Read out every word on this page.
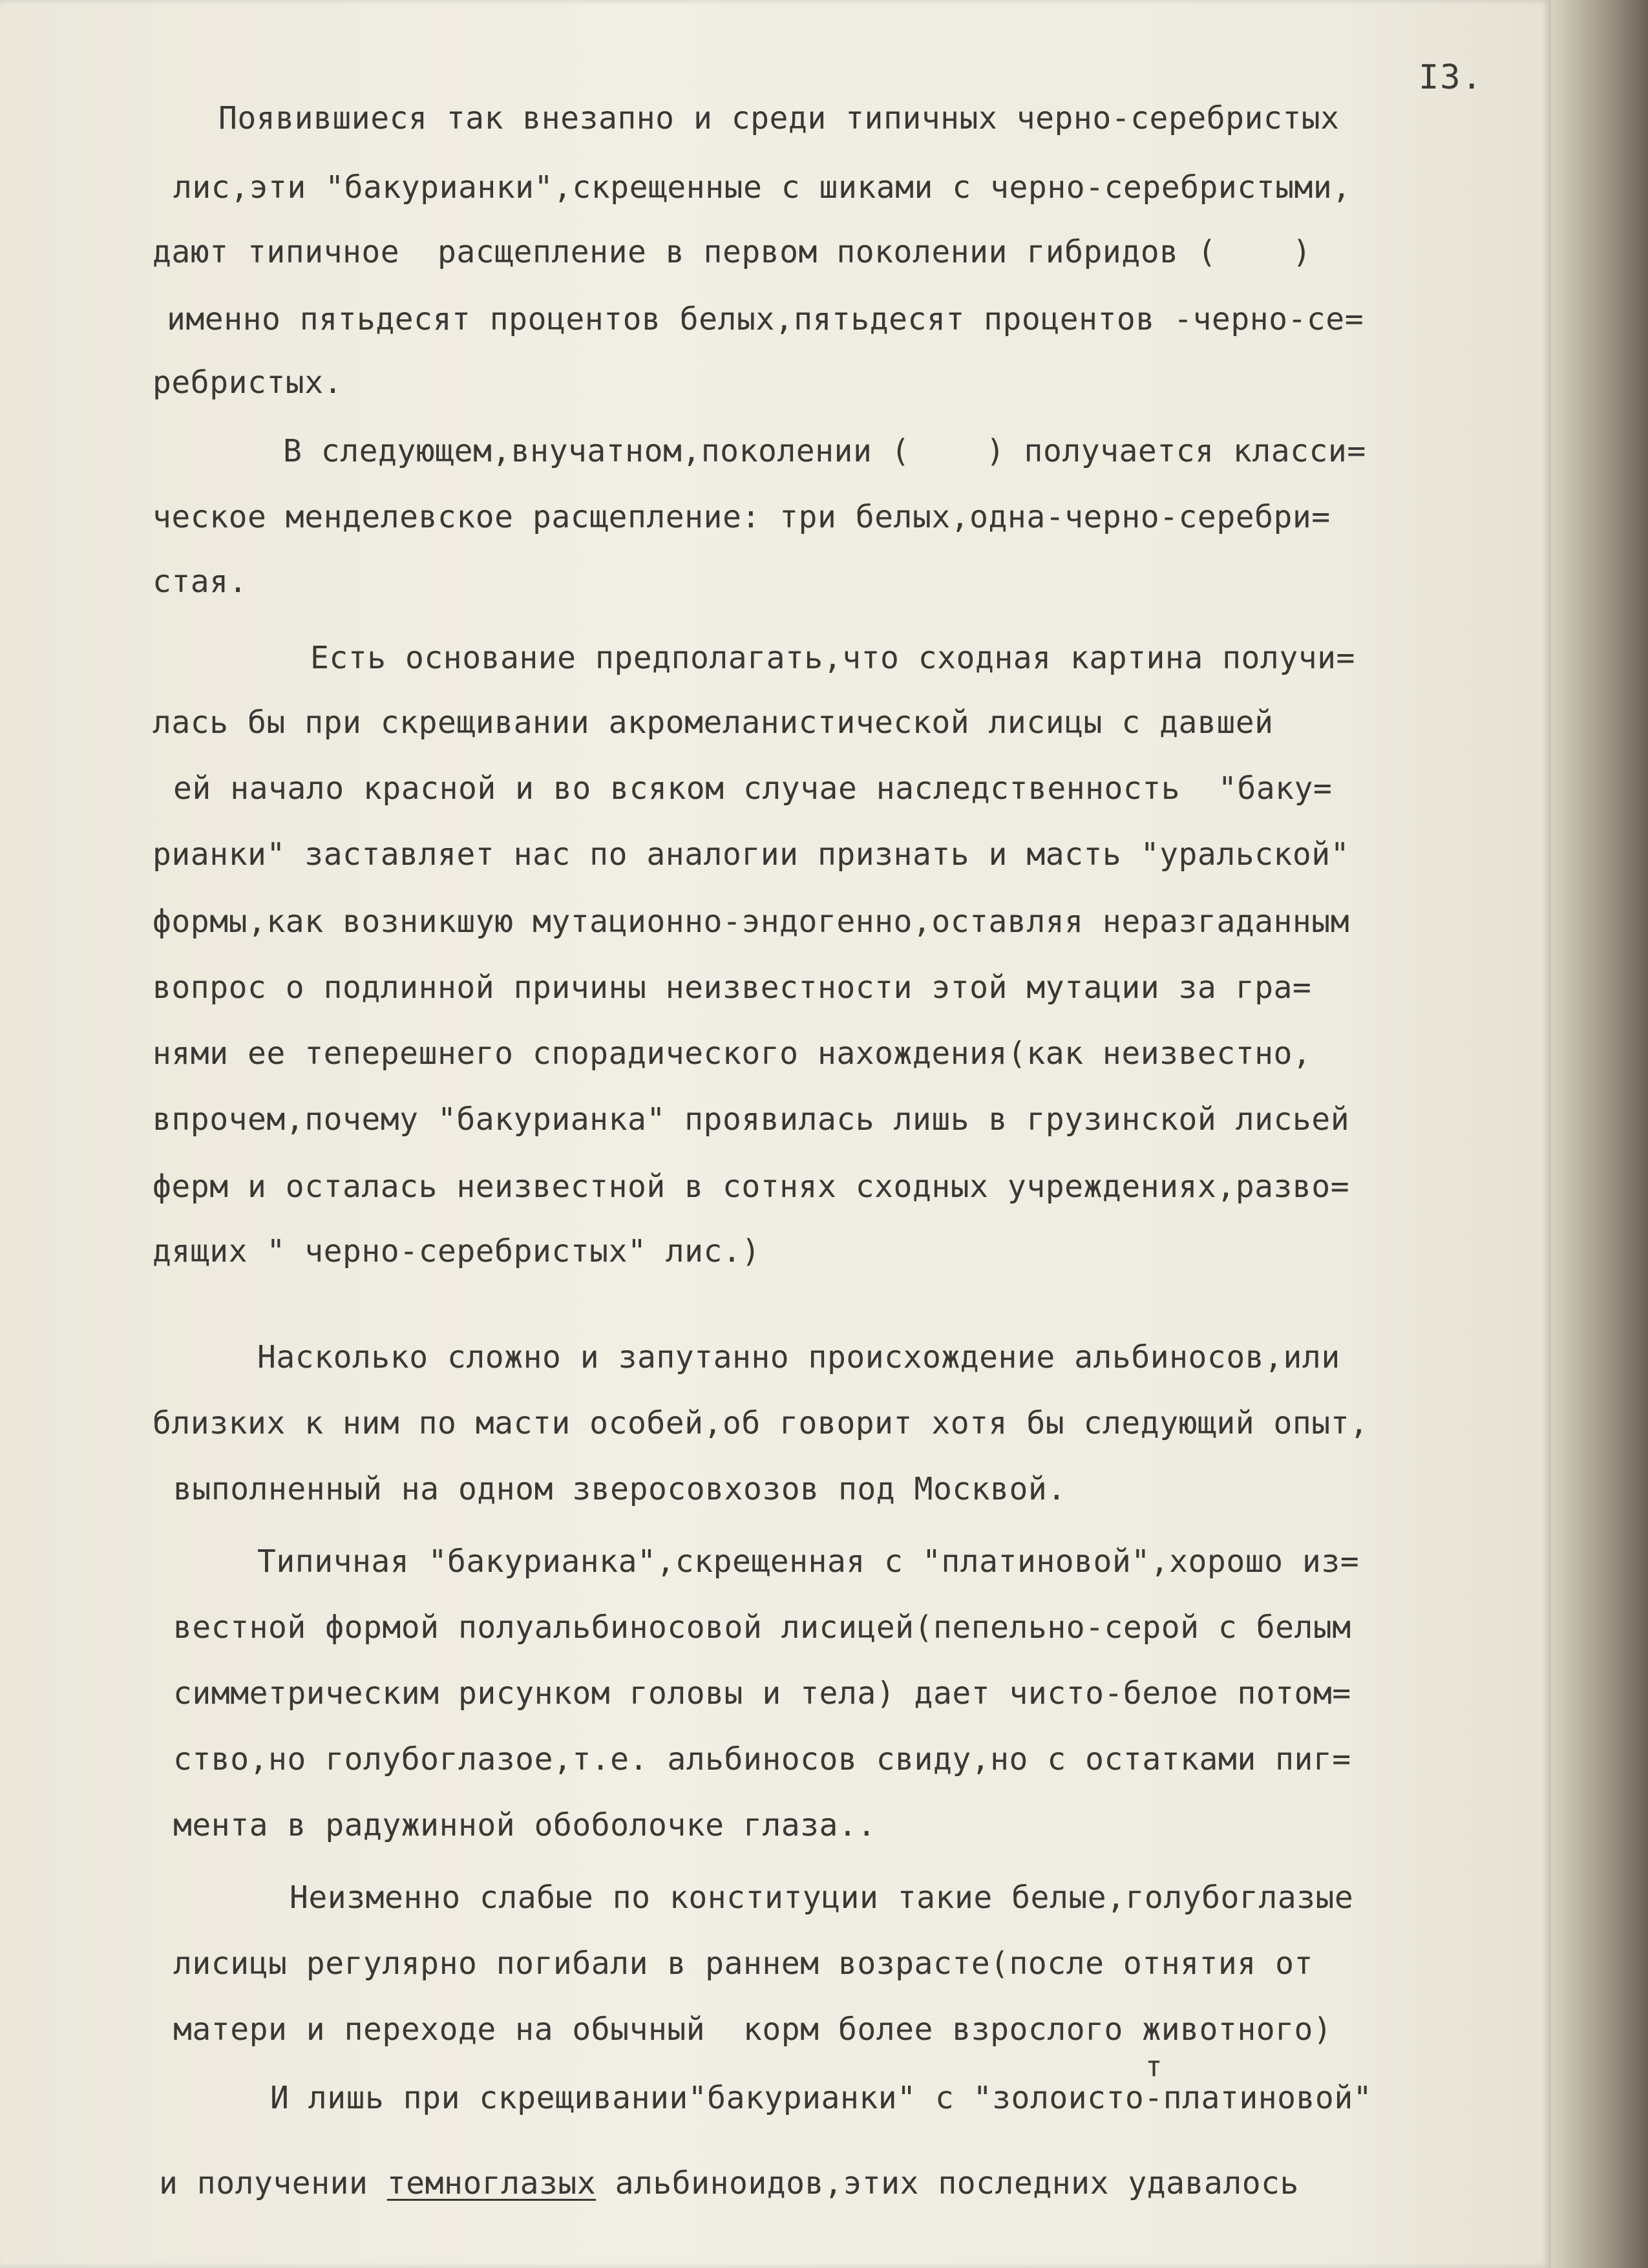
I3.
Появившиеся так внезапно и среди типичных черно-серебристых
лис,эти "бакурианки",скрещенные с шиками с черно-серебристыми,
дают типичное  расщепление в первом поколении гибридов (    )
именно пятьдесят процентов белых,пятьдесят процентов -черно-се=
ребристых.
В следующем,внучатном,поколении (    ) получается класси=
ческое менделевское расщепление: три белых,одна-черно-серебри=
стая.
Есть основание предполагать,что сходная картина получи=
лась бы при скрещивании акромеланистической лисицы с давшей
ей начало красной и во всяком случае наследственность  "баку=
рианки" заставляет нас по аналогии признать и масть "уральской"
формы,как возникшую мутационно-эндогенно,оставляя неразгаданным
вопрос о подлинной причины неизвестности этой мутации за гра=
нями ее теперешнего спорадического нахождения(как неизвестно,
впрочем,почему "бакурианка" проявилась лишь в грузинской лисьей
ферм и осталась неизвестной в сотнях сходных учреждениях,разво=
дящих " черно-серебристых" лис.)
Насколько сложно и запутанно происхождение альбиносов,или
близких к ним по масти особей,об говорит хотя бы следующий опыт,
выполненный на одном зверосовхозов под Москвой.
Типичная "бакурианка",скрещенная с "платиновой",хорошо из=
вестной формой полуальбиносовой лисицей(пепельно-серой с белым
симметрическим рисунком головы и тела) дает чисто-белое потом=
ство,но голубоглазое,т.е. альбиносов свиду,но с остатками пиг=
мента в радужинной обоболочке глаза..
Неизменно слабые по конституции такие белые,голубоглазые
лисицы регулярно погибали в раннем возрасте(после отнятия от
матери и переходе на обычный  корм более взрослого животного)
т
И лишь при скрещивании"бакурианки" с "золоисто-платиновой"
и получении темноглазых альбиноидов,этих последних удавалось
